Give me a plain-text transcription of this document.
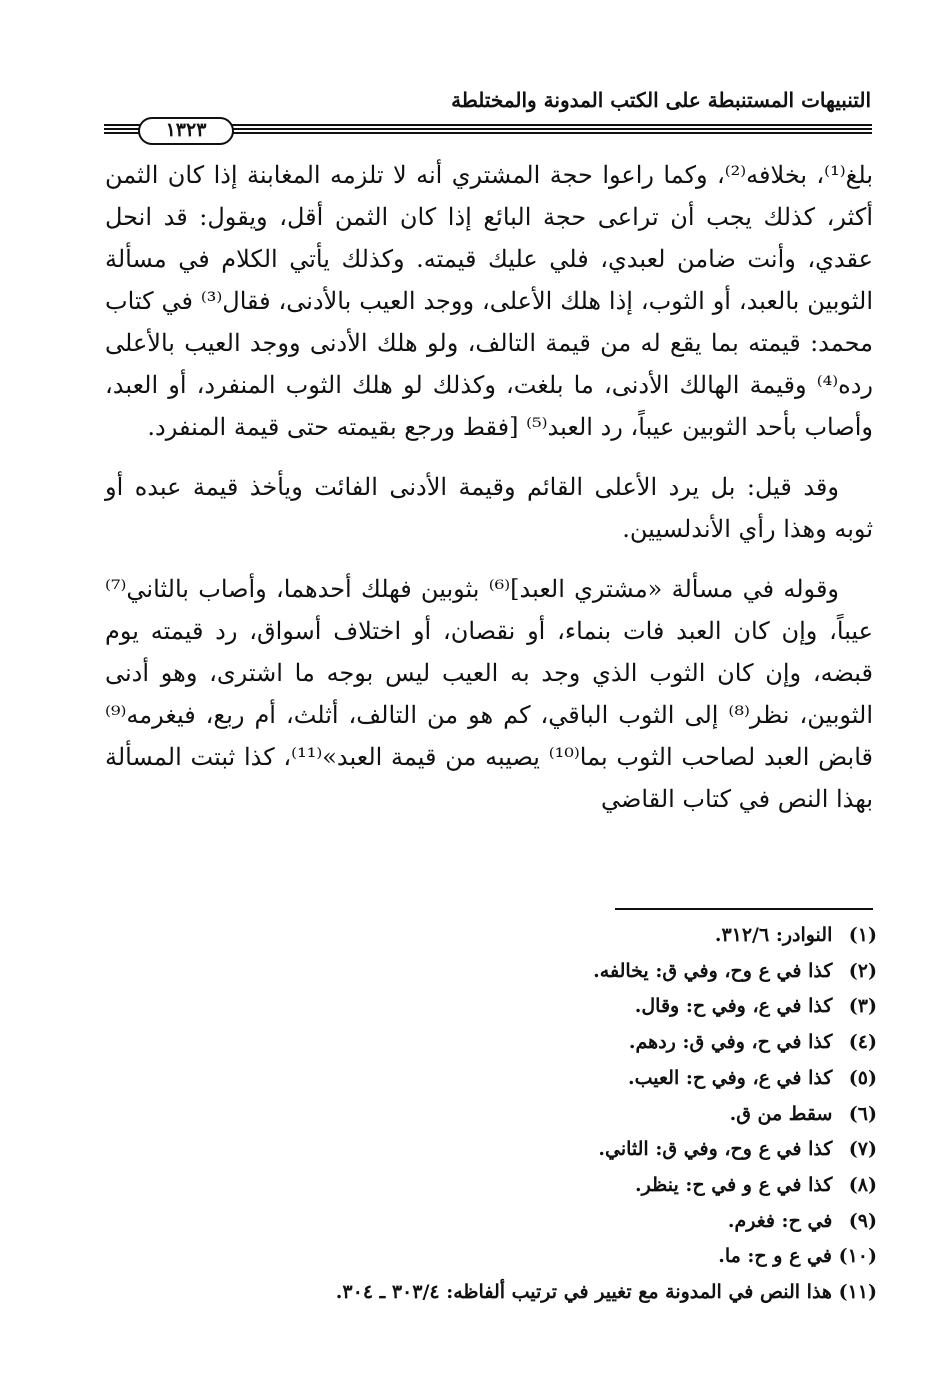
التنبيهات المستنبطة على الكتب المدونة والمختلطة
١٣٢٣

بلغ⁽¹⁾، بخلافه⁽²⁾، وكما راعوا حجة المشتري أنه لا تلزمه المغابنة إذا كان الثمن أكثر، كذلك يجب أن تراعى حجة البائع إذا كان الثمن أقل، ويقول: قد انحل عقدي، وأنت ضامن لعبدي، فلي عليك قيمته. وكذلك يأتي الكلام في مسألة الثوبين بالعبد، أو الثوب، إذا هلك الأعلى، ووجد العيب بالأدنى، فقال⁽³⁾ في كتاب محمد: قيمته بما يقع له من قيمة التالف، ولو هلك الأدنى ووجد العيب بالأعلى رده⁽⁴⁾ وقيمة الهالك الأدنى، ما بلغت، وكذلك لو هلك الثوب المنفرد، أو العبد، وأصاب بأحد الثوبين عيباً، رد العبد⁽⁵⁾ [فقط ورجع بقيمته حتى قيمة المنفرد.

وقد قيل: بل يرد الأعلى القائم وقيمة الأدنى الفائت ويأخذ قيمة عبده أو ثوبه وهذا رأي الأندلسيين.

وقوله في مسألة «مشتري العبد]⁽⁶⁾ بثوبين فهلك أحدهما، وأصاب بالثاني⁽⁷⁾ عيباً، وإن كان العبد فات بنماء، أو نقصان، أو اختلاف أسواق، رد قيمته يوم قبضه، وإن كان الثوب الذي وجد به العيب ليس بوجه ما اشترى، وهو أدنى الثوبين، نظر⁽⁸⁾ إلى الثوب الباقي، كم هو من التالف، أثلث، أم ربع، فيغرمه⁽⁹⁾ قابض العبد لصاحب الثوب بما⁽¹⁰⁾ يصيبه من قيمة العبد»⁽¹¹⁾، كذا ثبتت المسألة بهذا النص في كتاب القاضي

(١) النوادر: ٣١٢/٦.
(٢) كذا في ع وح، وفي ق: يخالفه.
(٣) كذا في ع، وفي ح: وقال.
(٤) كذا في ح، وفي ق: ردهم.
(٥) كذا في ع، وفي ح: العيب.
(٦) سقط من ق.
(٧) كذا في ع وح، وفي ق: الثاني.
(٨) كذا في ع و في ح: ينظر.
(٩) في ح: فغرم.
(١٠) في ع و ح: ما.
(١١) هذا النص في المدونة مع تغيير في ترتيب ألفاظه: ٣٠٣/٤ ـ ٣٠٤.
